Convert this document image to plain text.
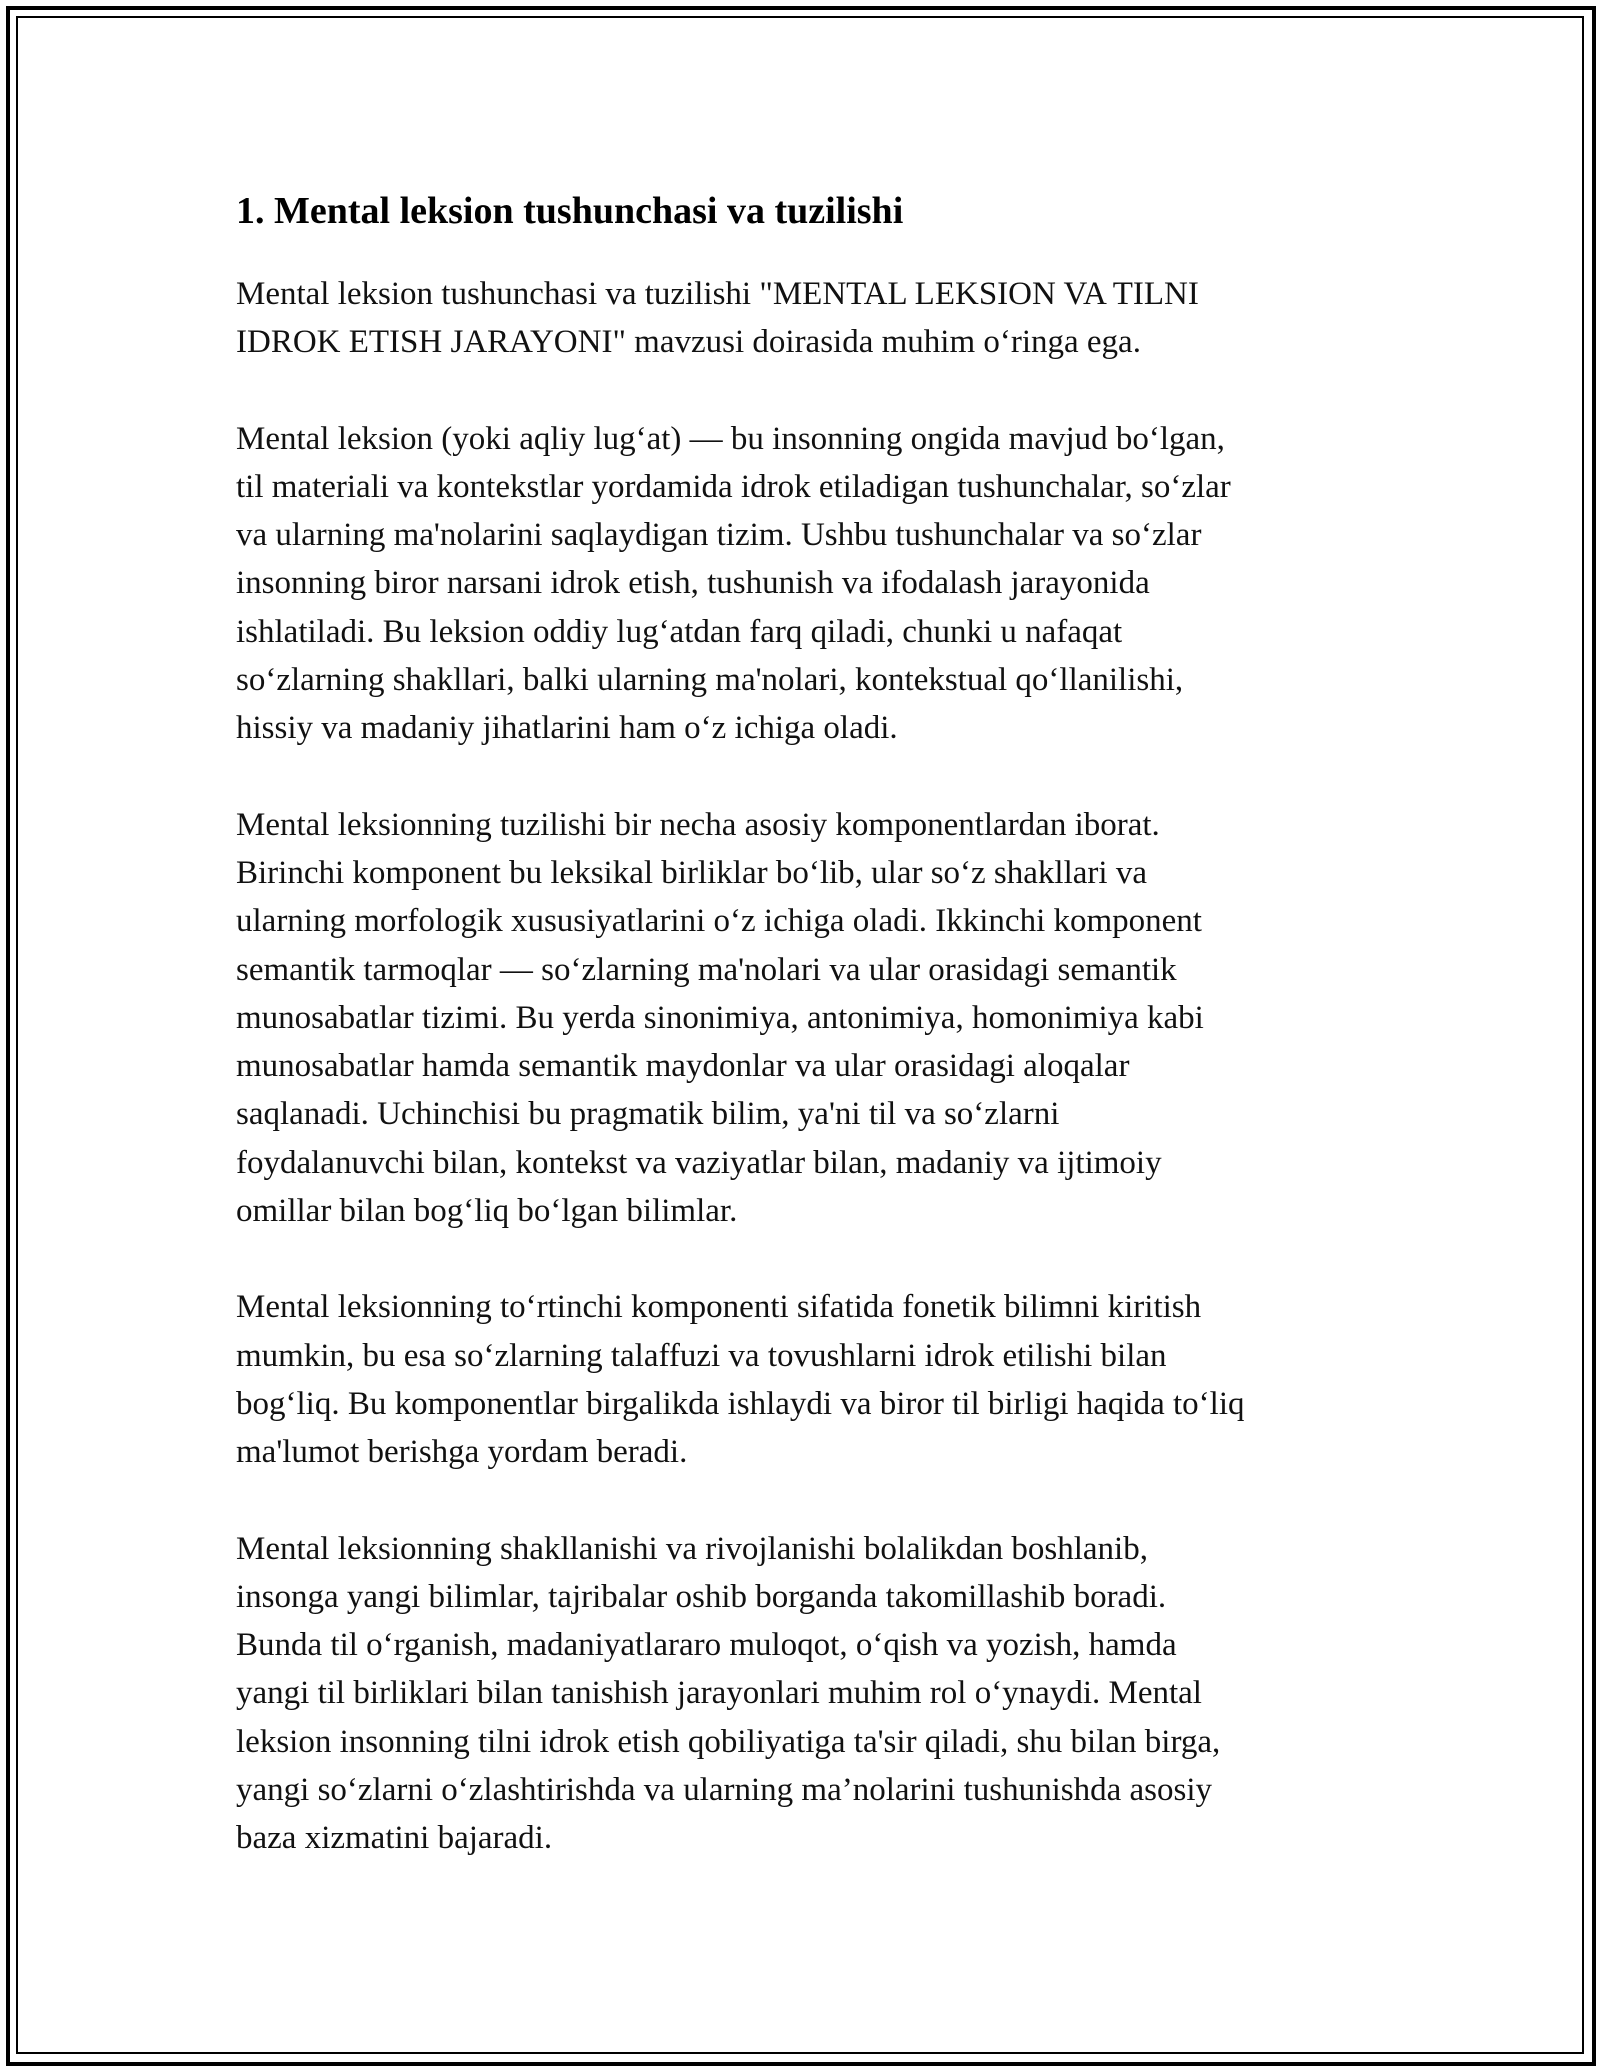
1. Mental leksion tushunchasi va tuzilishi

Mental leksion tushunchasi va tuzilishi "MENTAL LEKSION VA TILNI
IDROK ETISH JARAYONI" mavzusi doirasida muhim oʻringa ega.

Mental leksion (yoki aqliy lugʻat) — bu insonning ongida mavjud boʻlgan,
til materiali va kontekstlar yordamida idrok etiladigan tushunchalar, soʻzlar
va ularning ma'nolarini saqlaydigan tizim. Ushbu tushunchalar va soʻzlar
insonning biror narsani idrok etish, tushunish va ifodalash jarayonida
ishlatiladi. Bu leksion oddiy lugʻatdan farq qiladi, chunki u nafaqat
soʻzlarning shakllari, balki ularning ma'nolari, kontekstual qoʻllanilishi,
hissiy va madaniy jihatlarini ham oʻz ichiga oladi.

Mental leksionning tuzilishi bir necha asosiy komponentlardan iborat.
Birinchi komponent bu leksikal birliklar boʻlib, ular soʻz shakllari va
ularning morfologik xususiyatlarini oʻz ichiga oladi. Ikkinchi komponent
semantik tarmoqlar — soʻzlarning ma'nolari va ular orasidagi semantik
munosabatlar tizimi. Bu yerda sinonimiya, antonimiya, homonimiya kabi
munosabatlar hamda semantik maydonlar va ular orasidagi aloqalar
saqlanadi. Uchinchisi bu pragmatik bilim, ya'ni til va soʻzlarni
foydalanuvchi bilan, kontekst va vaziyatlar bilan, madaniy va ijtimoiy
omillar bilan bogʻliq boʻlgan bilimlar.

Mental leksionning toʻrtinchi komponenti sifatida fonetik bilimni kiritish
mumkin, bu esa soʻzlarning talaffuzi va tovushlarni idrok etilishi bilan
bogʻliq. Bu komponentlar birgalikda ishlaydi va biror til birligi haqida toʻliq
ma'lumot berishga yordam beradi.

Mental leksionning shakllanishi va rivojlanishi bolalikdan boshlanib,
insonga yangi bilimlar, tajribalar oshib borganda takomillashib boradi.
Bunda til oʻrganish, madaniyatlararo muloqot, oʻqish va yozish, hamda
yangi til birliklari bilan tanishish jarayonlari muhim rol oʻynaydi. Mental
leksion insonning tilni idrok etish qobiliyatiga ta'sir qiladi, shu bilan birga,
yangi soʻzlarni oʻzlashtirishda va ularning ma’nolarini tushunishda asosiy
baza xizmatini bajaradi.
